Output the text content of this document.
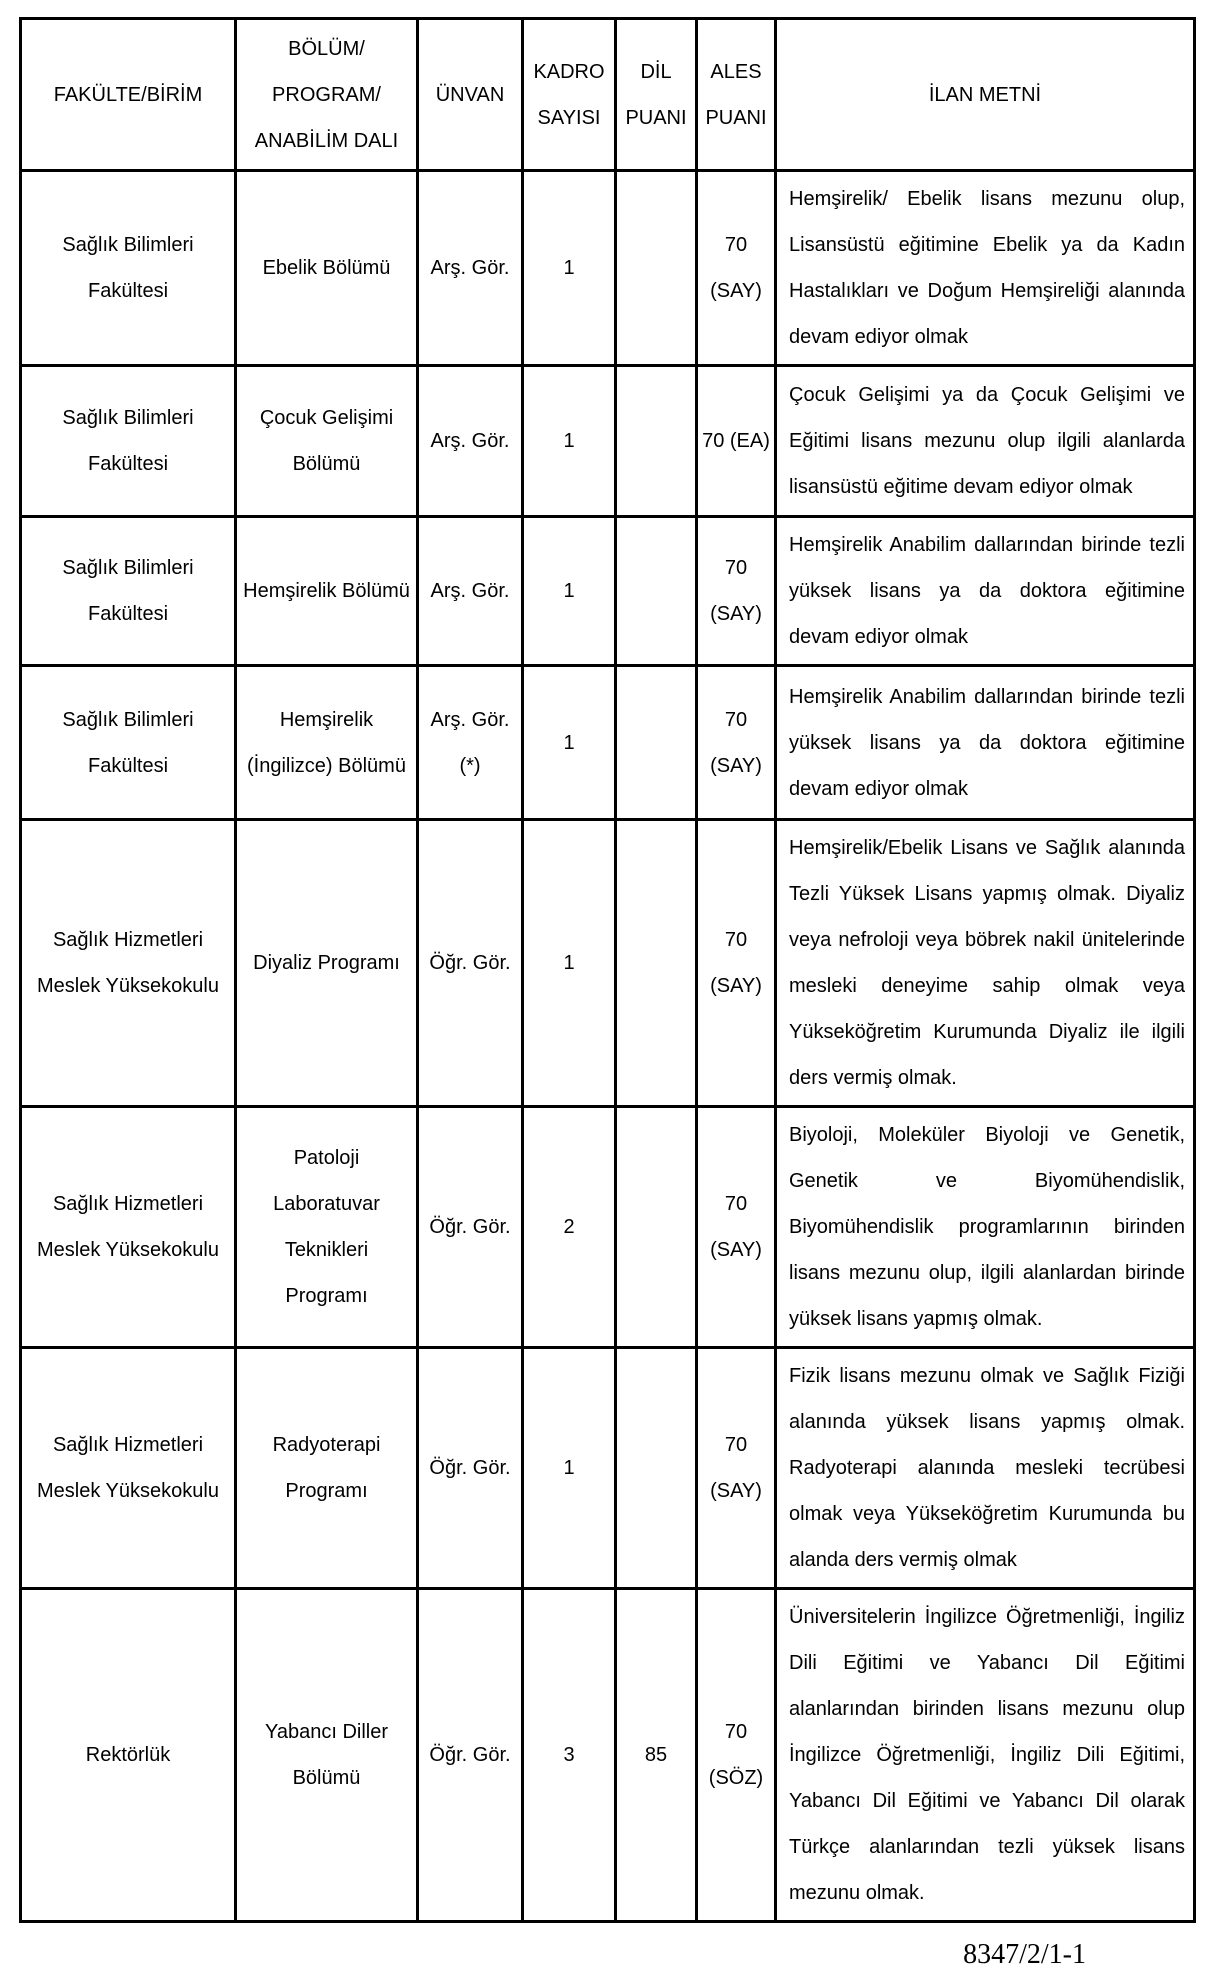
FAKÜLTE/BİRİM	BÖLÜM/ PROGRAM/ ANABİLİM DALI	ÜNVAN	KADRO SAYISI	DİL PUANI	ALES PUANI	İLAN METNİ
Sağlık Bilimleri Fakültesi	Ebelik Bölümü	Arş. Gör.	1		70 (SAY)	Hemşirelik/ Ebelik lisans mezunu olup, Lisansüstü eğitimine Ebelik ya da Kadın Hastalıkları ve Doğum Hemşireliği alanında devam ediyor olmak
Sağlık Bilimleri Fakültesi	Çocuk Gelişimi Bölümü	Arş. Gör.	1		70 (EA)	Çocuk Gelişimi ya da Çocuk Gelişimi ve Eğitimi lisans mezunu olup ilgili alanlarda lisansüstü eğitime devam ediyor olmak
Sağlık Bilimleri Fakültesi	Hemşirelik Bölümü	Arş. Gör.	1		70 (SAY)	Hemşirelik Anabilim dallarından birinde tezli yüksek lisans ya da doktora eğitimine devam ediyor olmak
Sağlık Bilimleri Fakültesi	Hemşirelik (İngilizce) Bölümü	Arş. Gör. (*)	1		70 (SAY)	Hemşirelik Anabilim dallarından birinde tezli yüksek lisans ya da doktora eğitimine devam ediyor olmak
Sağlık Hizmetleri Meslek Yüksekokulu	Diyaliz Programı	Öğr. Gör.	1		70 (SAY)	Hemşirelik/Ebelik Lisans ve Sağlık alanında Tezli Yüksek Lisans yapmış olmak. Diyaliz veya nefroloji veya böbrek nakil ünitelerinde mesleki deneyime sahip olmak veya Yükseköğretim Kurumunda Diyaliz ile ilgili ders vermiş olmak.
Sağlık Hizmetleri Meslek Yüksekokulu	Patoloji Laboratuvar Teknikleri Programı	Öğr. Gör.	2		70 (SAY)	Biyoloji, Moleküler Biyoloji ve Genetik, Genetik ve Biyomühendislik, Biyomühendislik programlarının birinden lisans mezunu olup, ilgili alanlardan birinde yüksek lisans yapmış olmak.
Sağlık Hizmetleri Meslek Yüksekokulu	Radyoterapi Programı	Öğr. Gör.	1		70 (SAY)	Fizik lisans mezunu olmak ve Sağlık Fiziği alanında yüksek lisans yapmış olmak. Radyoterapi alanında mesleki tecrübesi olmak veya Yükseköğretim Kurumunda bu alanda ders vermiş olmak
Rektörlük	Yabancı Diller Bölümü	Öğr. Gör.	3	85	70 (SÖZ)	Üniversitelerin İngilizce Öğretmenliği, İngiliz Dili Eğitimi ve Yabancı Dil Eğitimi alanlarından birinden lisans mezunu olup İngilizce Öğretmenliği, İngiliz Dili Eğitimi, Yabancı Dil Eğitimi ve Yabancı Dil olarak Türkçe alanlarından tezli yüksek lisans mezunu olmak.
8347/2/1-1
